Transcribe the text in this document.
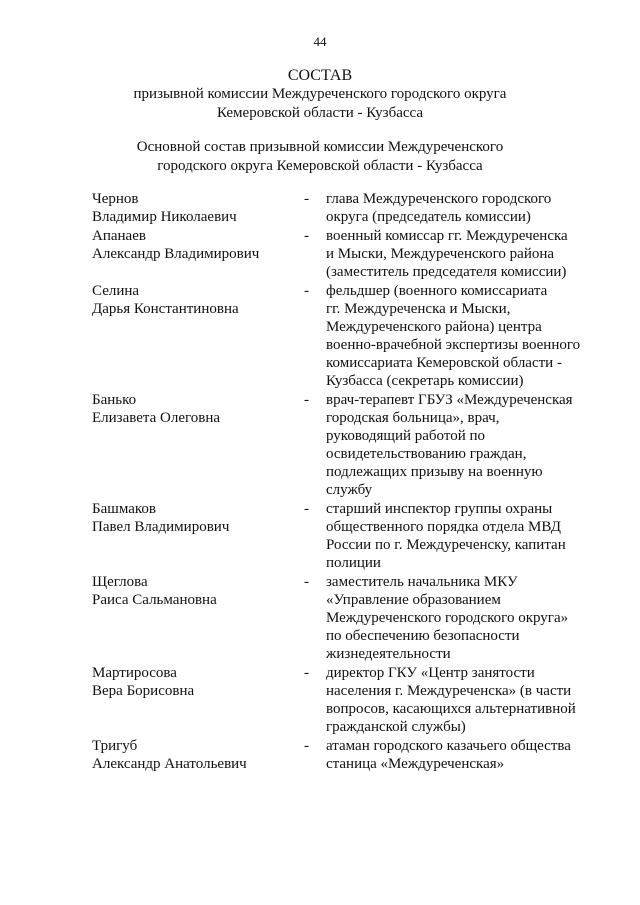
44
СОСТАВ
призывной комиссии Междуреченского городского округа
Кемеровской области - Кузбасса
Основной состав призывной комиссии Междуреченского
городского округа Кемеровской области - Кузбасса
Чернов
Владимир Николаевич
- глава Междуреченского городского
округа (председатель комиссии)
Апанаев
Александр Владимирович
- военный комиссар гг. Междуреченска
и Мыски, Междуреченского района
(заместитель председателя комиссии)
Селина
Дарья Константиновна
- фельдшер (военного комиссариата
гг. Междуреченска и Мыски,
Междуреченского района) центра
военно-врачебной экспертизы военного
комиссариата Кемеровской области -
Кузбасса (секретарь комиссии)
Банько
Елизавета Олеговна
- врач-терапевт ГБУЗ «Междуреченская
городская больница», врач,
руководящий работой по
освидетельствованию граждан,
подлежащих призыву на военную
службу
Башмаков
Павел Владимирович
- старший инспектор группы охраны
общественного порядка отдела МВД
России по г. Междуреченску, капитан
полиции
Щеглова
Раиса Сальмановна
- заместитель начальника МКУ
«Управление образованием
Междуреченского городского округа»
по обеспечению безопасности
жизнедеятельности
Мартиросова
Вера Борисовна
- директор ГКУ «Центр занятости
населения г. Междуреченска» (в части
вопросов, касающихся альтернативной
гражданской службы)
Тригуб
Александр Анатольевич
- атаман городского казачьего общества
станица «Междуреченская»
